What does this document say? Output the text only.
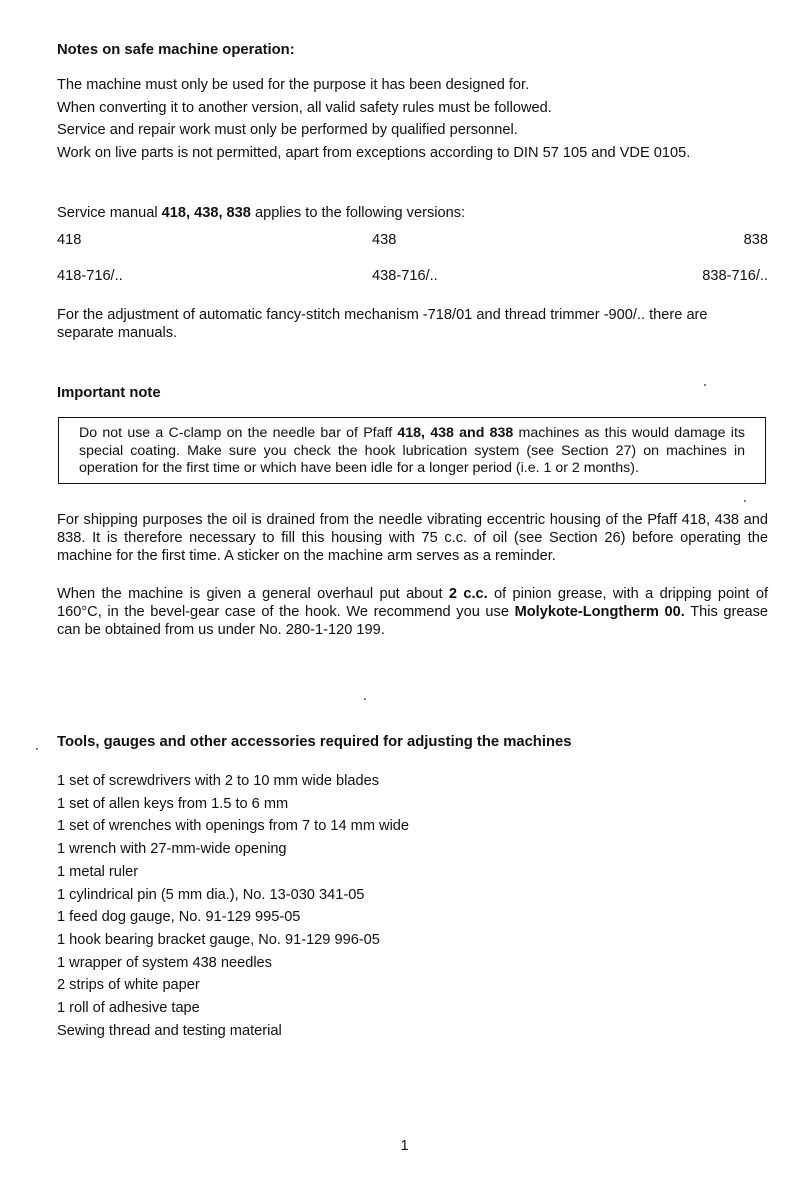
Notes on safe machine operation:
The machine must only be used for the purpose it has been designed for.
When converting it to another version, all valid safety rules must be followed.
Service and repair work must only be performed by qualified personnel.
Work on live parts is not permitted, apart from exceptions according to DIN 57 105 and VDE 0105.

Service manual 418, 438, 838 applies to the following versions:

418	438	838
418-716/..	438-716/..	838-716/..

For the adjustment of automatic fancy-stitch mechanism -718/01 and thread trimmer -900/.. there are separate manuals.

Important note
Do not use a C-clamp on the needle bar of Pfaff 418, 438 and 838 machines as this would damage its special coating. Make sure you check the hook lubrication system (see Section 27) on machines in operation for the first time or which have been idle for a longer period (i.e. 1 or 2 months).

For shipping purposes the oil is drained from the needle vibrating eccentric housing of the Pfaff 418, 438 and 838. It is therefore necessary to fill this housing with 75 c.c. of oil (see Section 26) before operating the machine for the first time. A sticker on the machine arm serves as a reminder.

When the machine is given a general overhaul put about 2 c.c. of pinion grease, with a dripping point of 160°C, in the bevel-gear case of the hook. We recommend you use Molykote-Longtherm 00. This grease can be obtained from us under No. 280-1-120 199.

Tools, gauges and other accessories required for adjusting the machines
1 set of screwdrivers with 2 to 10 mm wide blades
1 set of allen keys from 1.5 to 6 mm
1 set of wrenches with openings from 7 to 14 mm wide
1 wrench with 27-mm-wide opening
1 metal ruler
1 cylindrical pin (5 mm dia.), No. 13-030 341-05
1 feed dog gauge, No. 91-129 995-05
1 hook bearing bracket gauge, No. 91-129 996-05
1 wrapper of system 438 needles
2 strips of white paper
1 roll of adhesive tape
Sewing thread and testing material
1
